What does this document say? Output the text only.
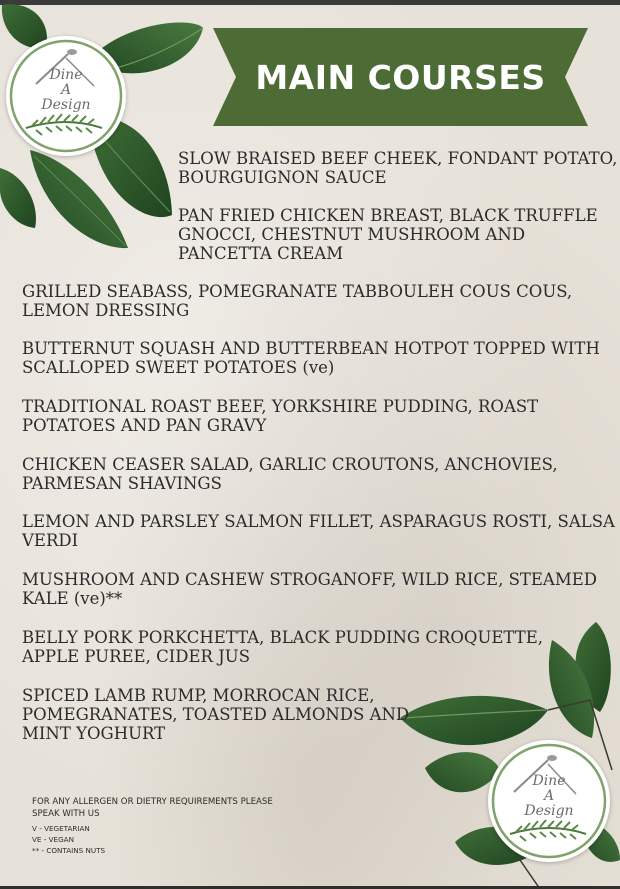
MAIN COURSES
Dine
A
Design
Dine
A
Design

SLOW BRAISED BEEF CHEEK, FONDANT POTATO, BOURGUIGNON SAUCE

PAN FRIED CHICKEN BREAST, BLACK TRUFFLE GNOCCI, CHESTNUT MUSHROOM AND PANCETTA CREAM

GRILLED SEABASS, POMEGRANATE TABBOULEH COUS COUS, LEMON DRESSING

BUTTERNUT SQUASH AND BUTTERBEAN HOTPOT TOPPED WITH SCALLOPED SWEET POTATOES (ve)

TRADITIONAL ROAST BEEF, YORKSHIRE PUDDING, ROAST POTATOES AND PAN GRAVY

CHICKEN CEASER SALAD, GARLIC CROUTONS, ANCHOVIES, PARMESAN SHAVINGS

LEMON AND PARSLEY SALMON FILLET, ASPARAGUS ROSTI, SALSA VERDI

MUSHROOM AND CASHEW STROGANOFF, WILD RICE, STEAMED KALE (ve)**

BELLY PORK PORKCHETTA, BLACK PUDDING CROQUETTE, APPLE PUREE, CIDER JUS

SPICED LAMB RUMP, MORROCAN RICE, POMEGRANATES, TOASTED ALMONDS AND MINT YOGHURT

FOR ANY ALLERGEN OR DIETRY REQUIREMENTS PLEASE SPEAK WITH US
V - VEGETARIAN
VE - VEGAN
** - CONTAINS NUTS
